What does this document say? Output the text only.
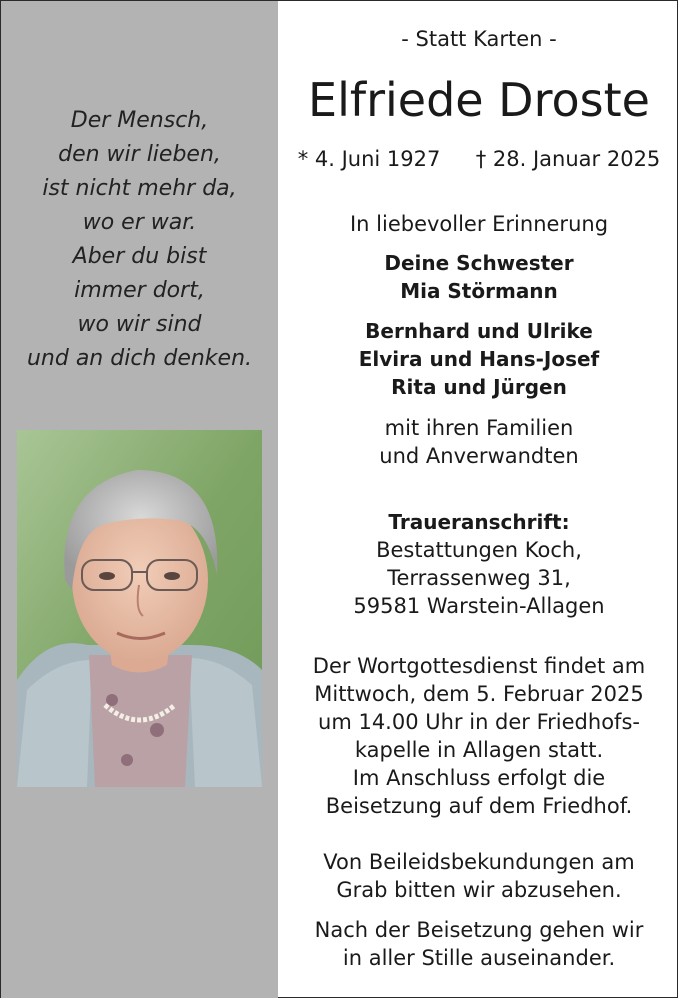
Der Mensch,
den wir lieben,
ist nicht mehr da,
wo er war.
Aber du bist
immer dort,
wo wir sind
und an dich denken.
- Statt Karten -
Elfriede Droste
* 4. Juni 1927 † 28. Januar 2025
In liebevoller Erinnerung
Deine Schwester
Mia Störmann
Bernhard und Ulrike
Elvira und Hans-Josef
Rita und Jürgen
mit ihren Familien
und Anverwandten
Traueranschrift:
Bestattungen Koch,
Terrassenweg 31,
59581 Warstein-Allagen
Der Wortgottesdienst findet am
Mittwoch, dem 5. Februar 2025
um 14.00 Uhr in der Friedhofs-
kapelle in Allagen statt.
Im Anschluss erfolgt die
Beisetzung auf dem Friedhof.
Von Beileidsbekundungen am
Grab bitten wir abzusehen.
Nach der Beisetzung gehen wir
in aller Stille auseinander.
